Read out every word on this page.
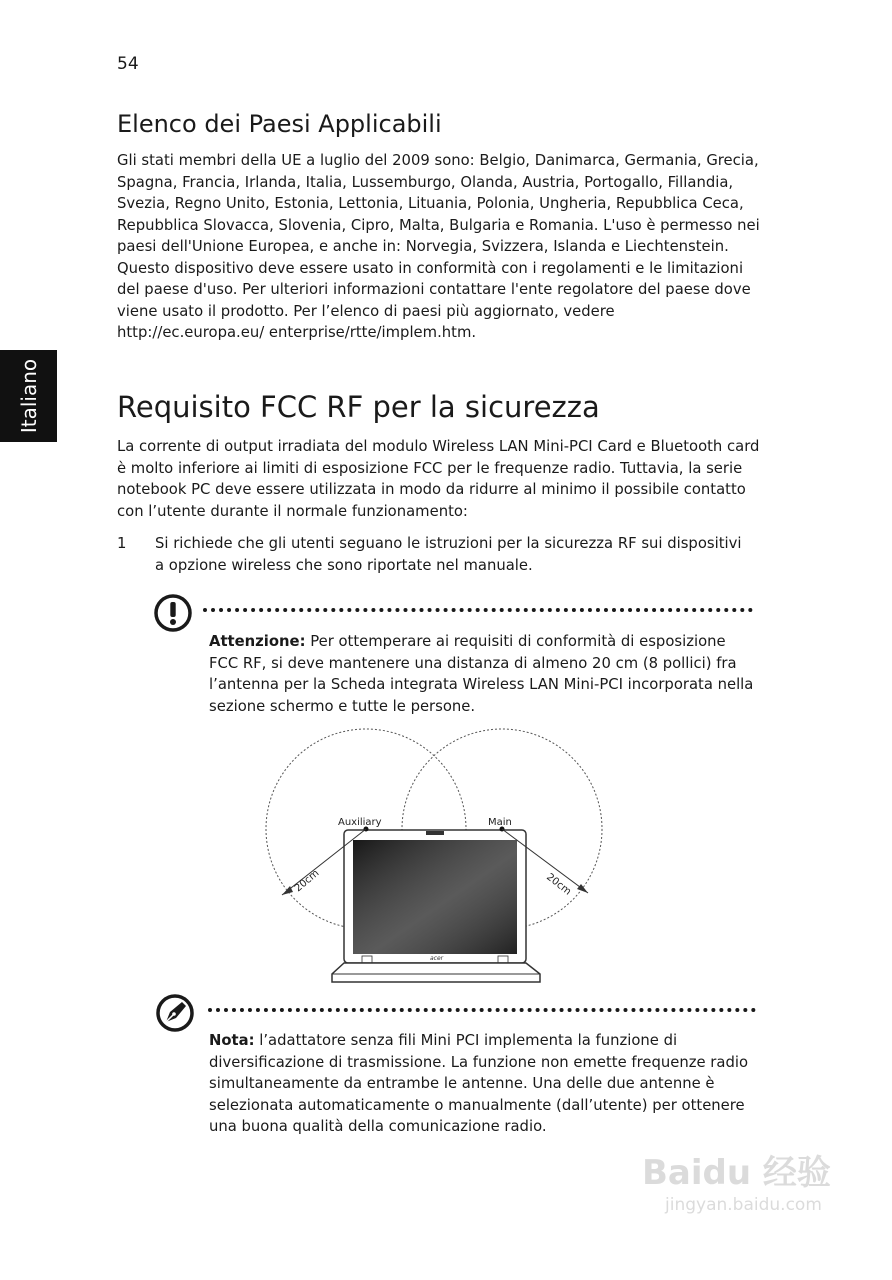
54
Italiano
Elenco dei Paesi Applicabili

Gli stati membri della UE a luglio del 2009 sono: Belgio, Danimarca, Germania, Grecia, Spagna, Francia, Irlanda, Italia, Lussemburgo, Olanda, Austria, Portogallo, Fillandia, Svezia, Regno Unito, Estonia, Lettonia, Lituania, Polonia, Ungheria, Repubblica Ceca, Repubblica Slovacca, Slovenia, Cipro, Malta, Bulgaria e Romania. L'uso è permesso nei paesi dell'Unione Europea, e anche in: Norvegia, Svizzera, Islanda e Liechtenstein. Questo dispositivo deve essere usato in conformità con i regolamenti e le limitazioni del paese d'uso. Per ulteriori informazioni contattare l'ente regolatore del paese dove viene usato il prodotto. Per l’elenco di paesi più aggiornato, vedere http://ec.europa.eu/ enterprise/rtte/implem.htm.

Requisito FCC RF per la sicurezza

La corrente di output irradiata del modulo Wireless LAN Mini-PCI Card e Bluetooth card è molto inferiore ai limiti di esposizione FCC per le frequenze radio. Tuttavia, la serie notebook PC deve essere utilizzata in modo da ridurre al minimo il possibile contatto con l’utente durante il normale funzionamento:

1 Si richiede che gli utenti seguano le istruzioni per la sicurezza RF sui dispositivi a opzione wireless che sono riportate nel manuale.
Attenzione: Per ottemperare ai requisiti di conformità di esposizione FCC RF, si deve mantenere una distanza di almeno 20 cm (8 pollici) fra l’antenna per la Scheda integrata Wireless LAN Mini-PCI incorporata nella sezione schermo e tutte le persone.
Auxiliary	Main
20cm	20cm
acer
Nota: l’adattatore senza fili Mini PCI implementa la funzione di diversificazione di trasmissione. La funzione non emette frequenze radio simultaneamente da entrambe le antenne. Una delle due antenne è selezionata automaticamente o manualmente (dall’utente) per ottenere una buona qualità della comunicazione radio.
Baidu 经验
jingyan.baidu.com
